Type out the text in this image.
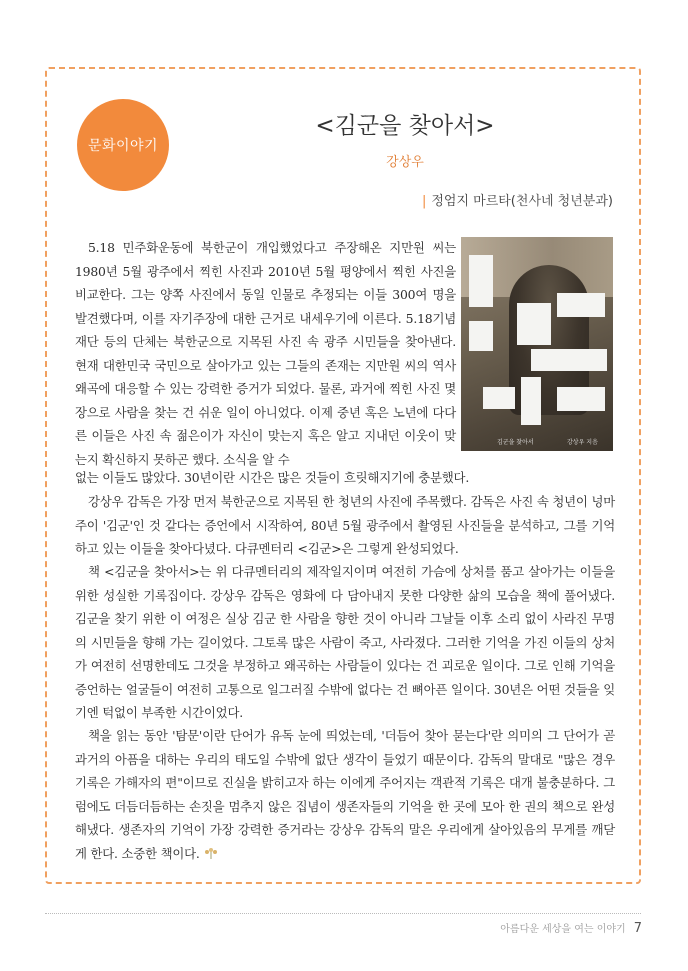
문화이야기
<김군을 찾아서>
강상우
| 정엄지 마르타(천사네 청년분과)
김군을 찾아서	강상우 지음

5.18 민주화운동에 북한군이 개입했었다고 주장해온 지만원 씨는 1980년 5월 광주에서 찍힌 사진과 2010년 5월 평양에서 찍힌 사진을 비교한다. 그는 양쪽 사진에서 동일 인물로 추정되는 이들 300여 명을 발견했다며, 이를 자기주장에 대한 근거로 내세우기에 이른다. 5.18기념재단 등의 단체는 북한군으로 지목된 사진 속 광주 시민들을 찾아낸다. 현재 대한민국 국민으로 살아가고 있는 그들의 존재는 지만원 씨의 역사 왜곡에 대응할 수 있는 강력한 증거가 되었다. 물론, 과거에 찍힌 사진 몇 장으로 사람을 찾는 건 쉬운 일이 아니었다. 이제 중년 혹은 노년에 다다른 이들은 사진 속 젊은이가 자신이 맞는지 혹은 알고 지내던 이웃이 맞는지 확신하지 못하곤 했다. 소식을 알 수

없는 이들도 많았다. 30년이란 시간은 많은 것들이 흐릿해지기에 충분했다.

강상우 감독은 가장 먼저 북한군으로 지목된 한 청년의 사진에 주목했다. 감독은 사진 속 청년이 넝마주이 '김군'인 것 같다는 증언에서 시작하여, 80년 5월 광주에서 촬영된 사진들을 분석하고, 그를 기억하고 있는 이들을 찾아다녔다. 다큐멘터리 <김군>은 그렇게 완성되었다.

책 <김군을 찾아서>는 위 다큐멘터리의 제작일지이며 여전히 가슴에 상처를 품고 살아가는 이들을 위한 성실한 기록집이다. 강상우 감독은 영화에 다 담아내지 못한 다양한 삶의 모습을 책에 풀어냈다. 김군을 찾기 위한 이 여정은 실상 김군 한 사람을 향한 것이 아니라 그날들 이후 소리 없이 사라진 무명의 시민들을 향해 가는 길이었다. 그토록 많은 사람이 죽고, 사라졌다. 그러한 기억을 가진 이들의 상처가 여전히 선명한데도 그것을 부정하고 왜곡하는 사람들이 있다는 건 괴로운 일이다. 그로 인해 기억을 증언하는 얼굴들이 여전히 고통으로 일그러질 수밖에 없다는 건 뼈아픈 일이다. 30년은 어떤 것들을 잊기엔 턱없이 부족한 시간이었다.

책을 읽는 동안 '탐문'이란 단어가 유독 눈에 띄었는데, '더듬어 찾아 묻는다'란 의미의 그 단어가 곧 과거의 아픔을 대하는 우리의 태도일 수밖에 없단 생각이 들었기 때문이다. 감독의 말대로 "많은 경우 기록은 가해자의 편"이므로 진실을 밝히고자 하는 이에게 주어지는 객관적 기록은 대개 불충분하다. 그럼에도 더듬더듬하는 손짓을 멈추지 않은 집념이 생존자들의 기억을 한 곳에 모아 한 권의 책으로 완성해냈다. 생존자의 기억이 가장 강력한 증거라는 강상우 감독의 말은 우리에게 살아있음의 무게를 깨닫게 한다. 소중한 책이다.

아름다운 세상을 여는 이야기 7
